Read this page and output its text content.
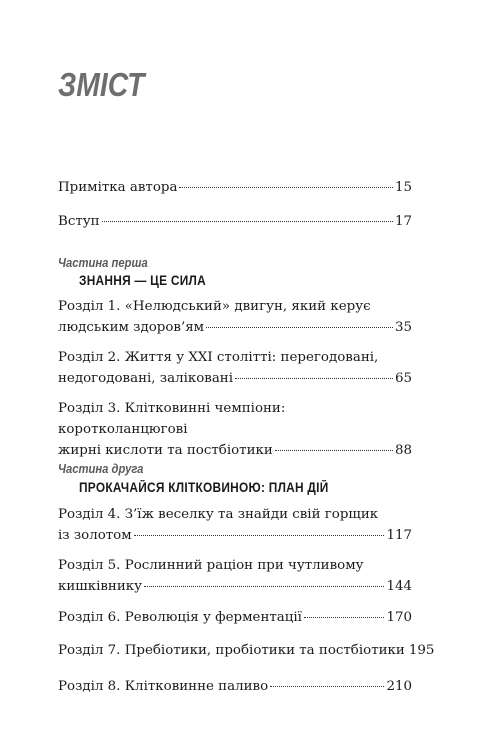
ЗМІСТ
Примітка автора	15
Вступ	17
Частина перша
ЗНАННЯ — ЦЕ СИЛА
Розділ 1. «Нелюдський» двигун, який керує
людським здоров’ям	35
Розділ 2. Життя у XXI столітті: перегодовані,
недогодовані, заліковані	65
Розділ 3. Клітковинні чемпіони: коротколанцюгові
жирні кислоти та постбіотики	88
Частина друга
ПРОКАЧАЙСЯ КЛІТКОВИНОЮ: ПЛАН ДІЙ
Розділ 4. З’їж веселку та знайди свій горщик
із золотом	117
Розділ 5. Рослинний раціон при чутливому
кишківнику	144
Розділ 6. Революція у ферментації	170
Розділ 7. Пребіотики, пробіотики та постбіотики 195
Розділ 8. Клітковинне паливо	210
